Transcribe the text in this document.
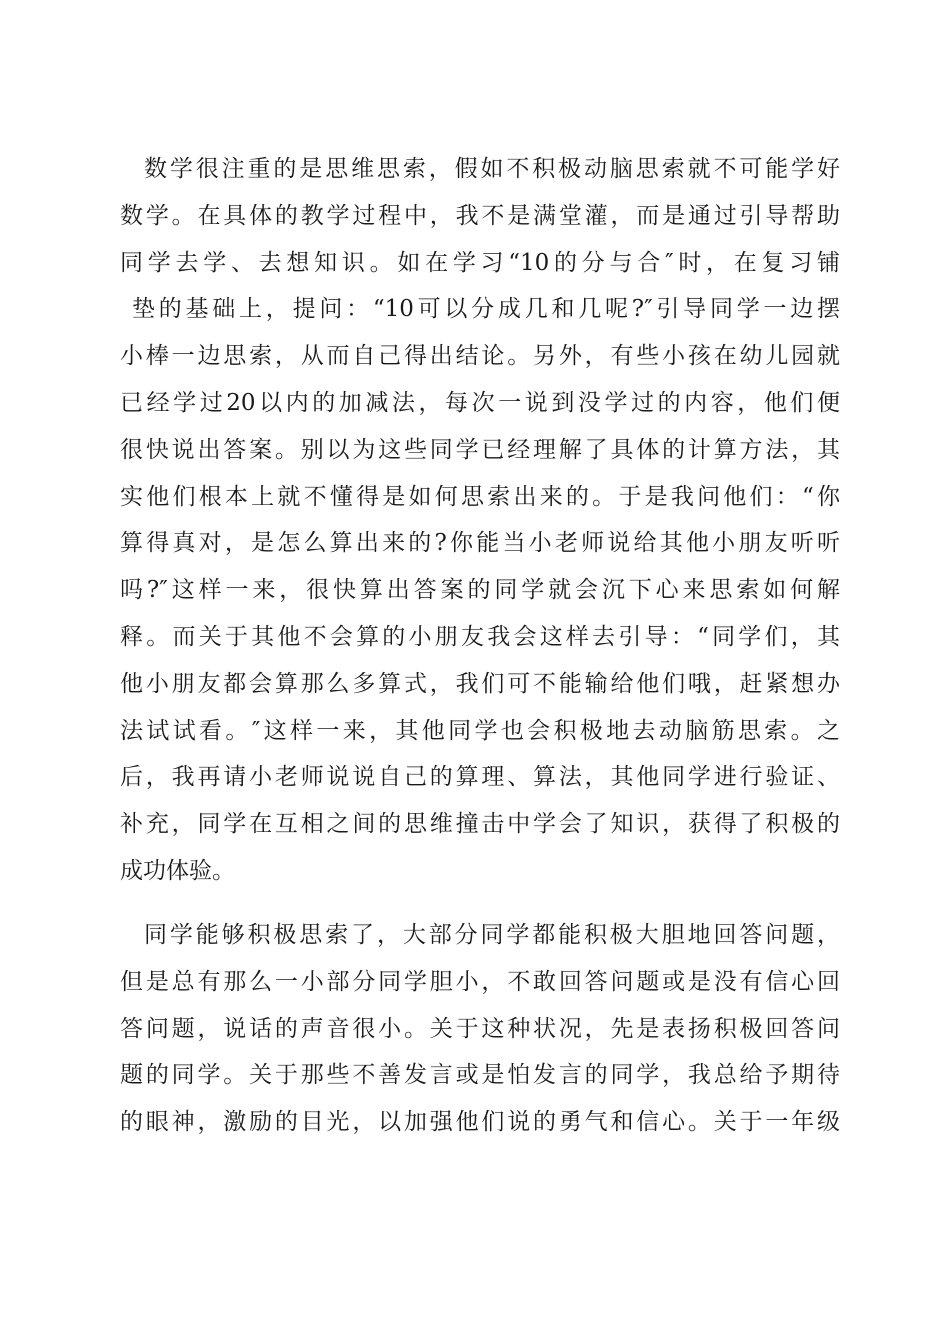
数学很注重的是思维思索，假如不积极动脑思索就不可能学好
数学。在具体的教学过程中，我不是满堂灌，而是通过引导帮助
同学去学、去想知识。如在学习“10的分与合″时，在复习铺
垫的基础上，提问：“10可以分成几和几呢?″引导同学一边摆
小棒一边思索，从而自己得出结论。另外，有些小孩在幼儿园就
已经学过20以内的加减法，每次一说到没学过的内容，他们便
很快说出答案。别以为这些同学已经理解了具体的计算方法，其
实他们根本上就不懂得是如何思索出来的。于是我问他们：“你
算得真对，是怎么算出来的?你能当小老师说给其他小朋友听听
吗?″这样一来，很快算出答案的同学就会沉下心来思索如何解
释。而关于其他不会算的小朋友我会这样去引导：“同学们，其
他小朋友都会算那么多算式，我们可不能输给他们哦，赶紧想办
法试试看。″这样一来，其他同学也会积极地去动脑筋思索。之
后，我再请小老师说说自己的算理、算法，其他同学进行验证、
补充，同学在互相之间的思维撞击中学会了知识，获得了积极的
成功体验。
同学能够积极思索了，大部分同学都能积极大胆地回答问题，
但是总有那么一小部分同学胆小，不敢回答问题或是没有信心回
答问题，说话的声音很小。关于这种状况，先是表扬积极回答问
题的同学。关于那些不善发言或是怕发言的同学，我总给予期待
的眼神，激励的目光，以加强他们说的勇气和信心。关于一年级
